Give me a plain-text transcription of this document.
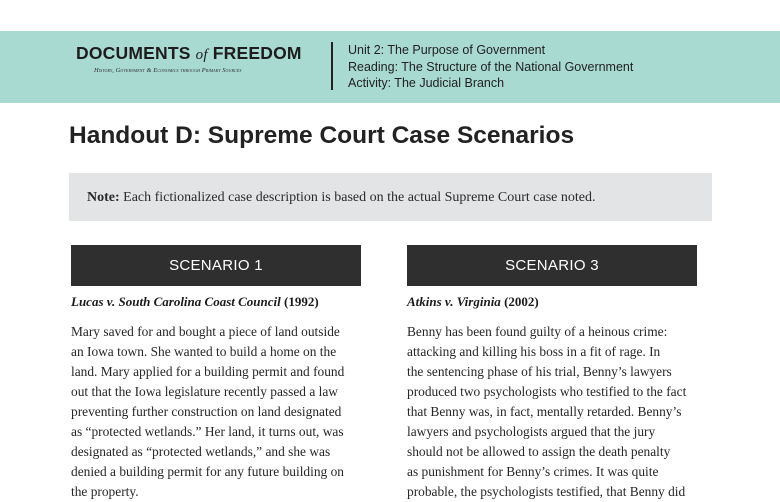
DOCUMENTS of FREEDOM
History, Government & Economics through Primary Sources
Unit 2: The Purpose of Government
Reading: The Structure of the National Government
Activity: The Judicial Branch
Handout D: Supreme Court Case Scenarios
Note: Each fictionalized case description is based on the actual Supreme Court case noted.
SCENARIO 1
Lucas v. South Carolina Coast Council (1992)
Mary saved for and bought a piece of land outside
an Iowa town. She wanted to build a home on the
land. Mary applied for a building permit and found
out that the Iowa legislature recently passed a law
preventing further construction on land designated
as “protected wetlands.” Her land, it turns out, was
designated as “protected wetlands,” and she was
denied a building permit for any future building on
the property.
SCENARIO 3
Atkins v. Virginia (2002)
Benny has been found guilty of a heinous crime:
attacking and killing his boss in a fit of rage. In
the sentencing phase of his trial, Benny’s lawyers
produced two psychologists who testified to the fact
that Benny was, in fact, mentally retarded. Benny’s
lawyers and psychologists argued that the jury
should not be allowed to assign the death penalty
as punishment for Benny’s crimes. It was quite
probable, the psychologists testified, that Benny did
